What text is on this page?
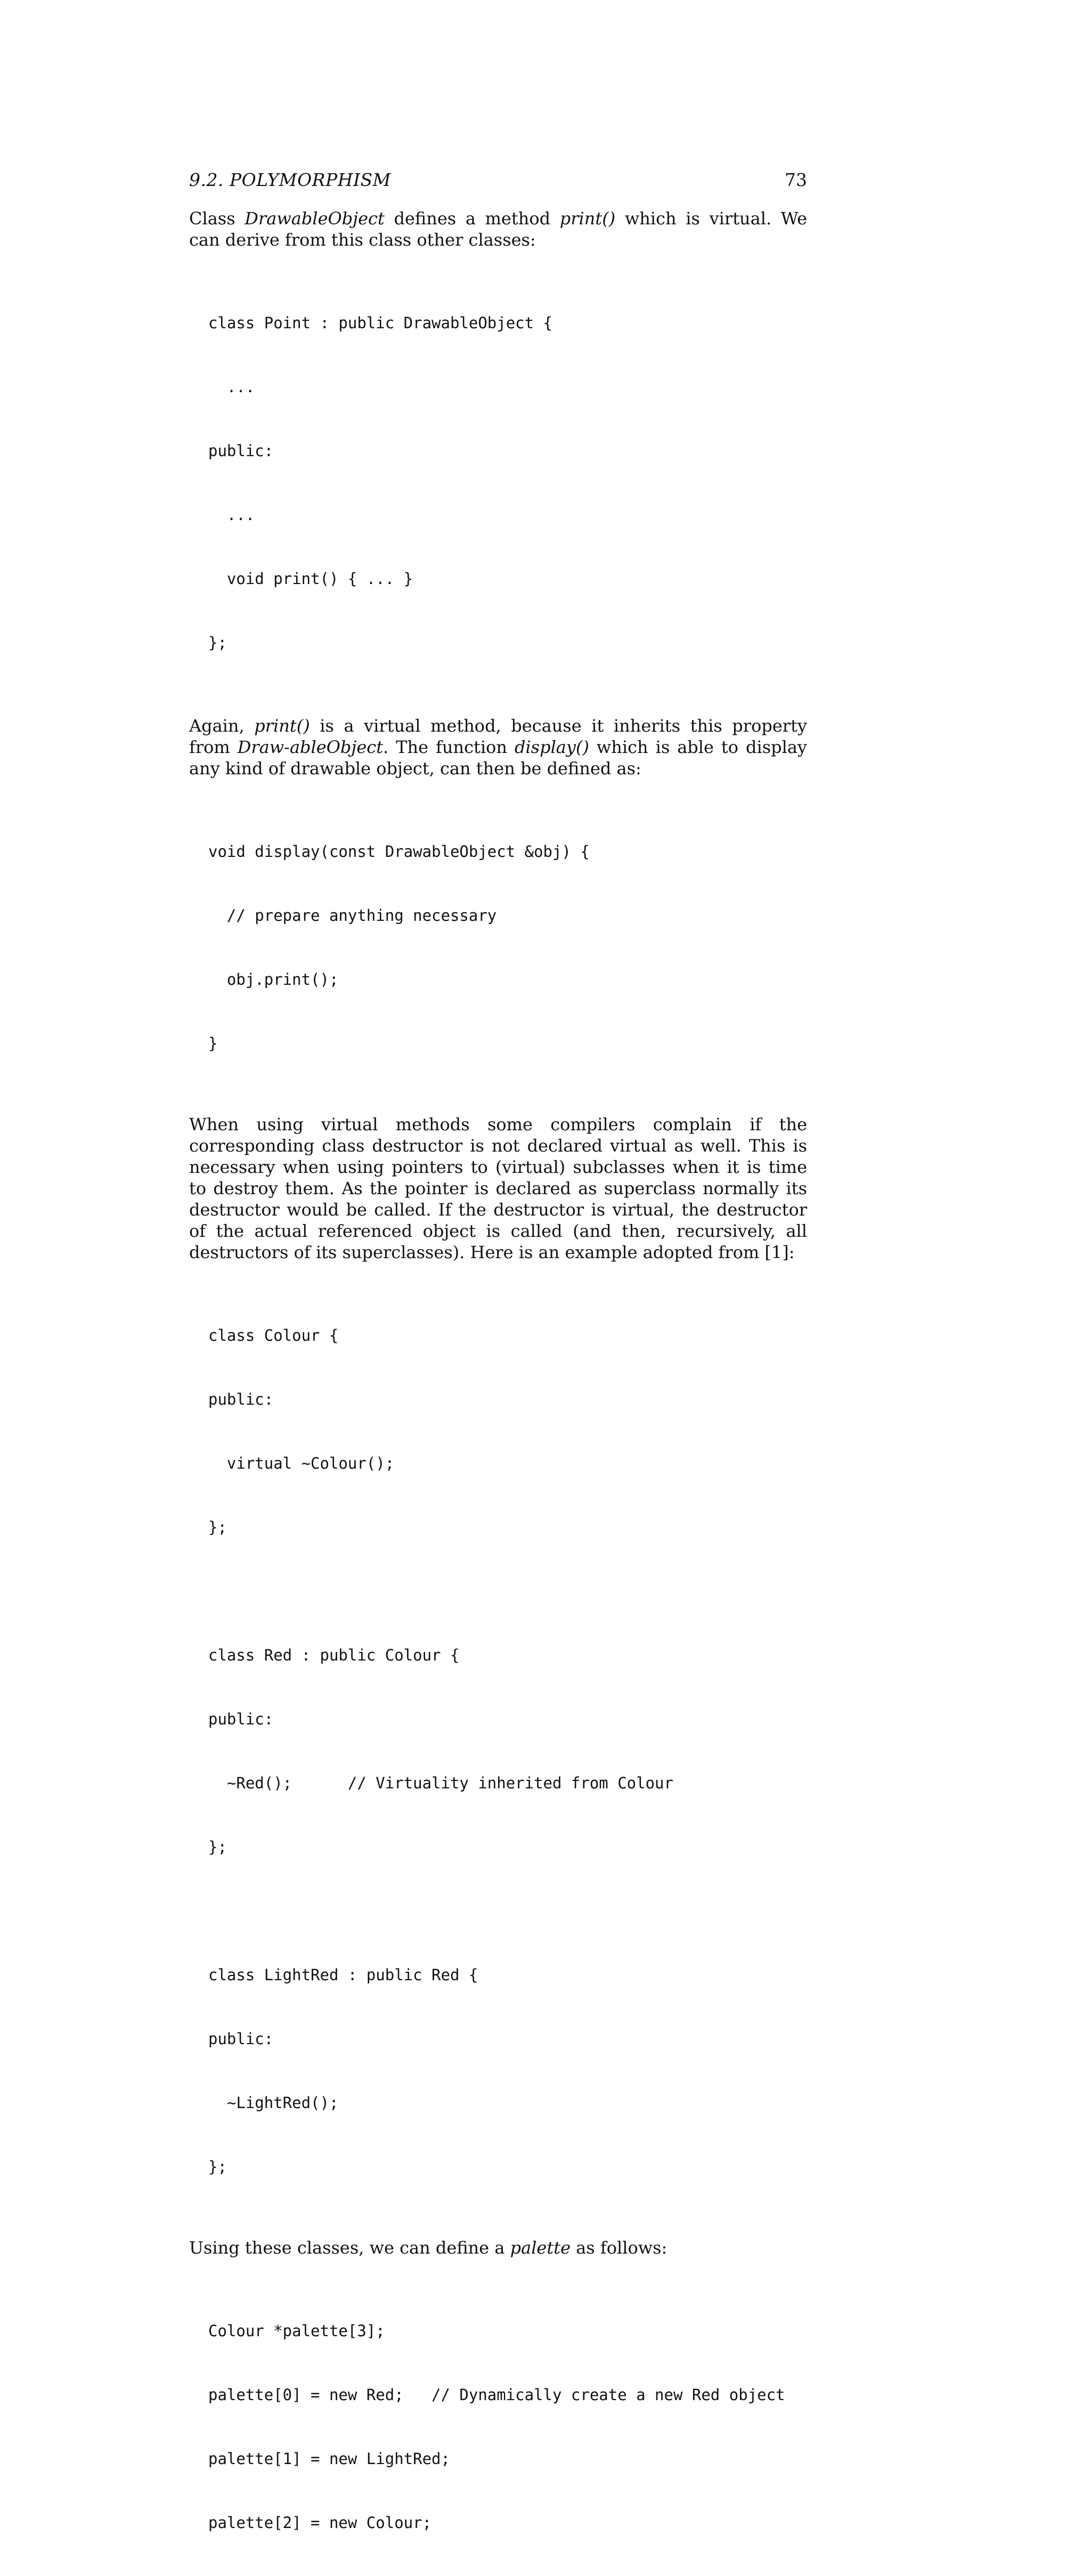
9.2. POLYMORPHISM	73

Class DrawableObject defines a method print() which is virtual. We can derive from this class other classes:

class Point : public DrawableObject {

...

public:

...

void print() { ... }

};

Again, print() is a virtual method, because it inherits this property from Draw-ableObject. The function display() which is able to display any kind of drawable object, can then be defined as:

void display(const DrawableObject &obj) {

// prepare anything necessary

obj.print();

}

When using virtual methods some compilers complain if the corresponding class destructor is not declared virtual as well. This is necessary when using pointers to (virtual) subclasses when it is time to destroy them. As the pointer is declared as superclass normally its destructor would be called. If the destructor is virtual, the destructor of the actual referenced object is called (and then, recursively, all destructors of its superclasses). Here is an example adopted from [1]:

class Colour {

public:

virtual ~Colour();

};

class Red : public Colour {

public:

~Red();      // Virtuality inherited from Colour

};

class LightRed : public Red {

public:

~LightRed();

};

Using these classes, we can define a palette as follows:

Colour *palette[3];

palette[0] = new Red;   // Dynamically create a new Red object

palette[1] = new LightRed;

palette[2] = new Colour;
